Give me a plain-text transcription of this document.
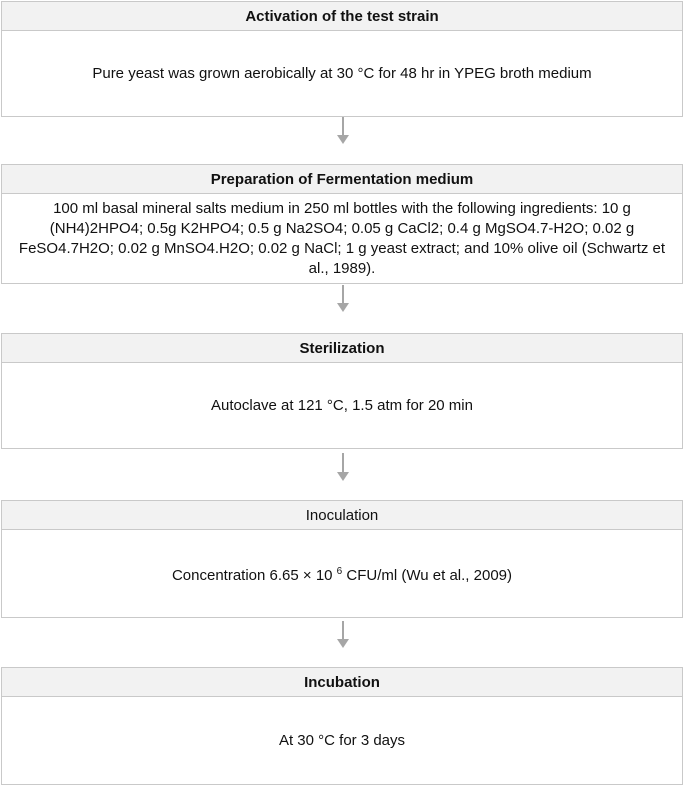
Activation of the test strain
Pure yeast was grown aerobically at 30 °C for 48 hr in YPEG broth medium
Preparation of Fermentation medium
100 ml basal mineral salts medium in 250 ml bottles with the following ingredients: 10 g (NH4)2HPO4; 0.5g K2HPO4; 0.5 g Na2SO4; 0.05 g CaCl2; 0.4 g MgSO4.7-H2O; 0.02 g FeSO4.7H2O; 0.02 g MnSO4.H2O; 0.02 g NaCl; 1 g yeast extract; and 10% olive oil (Schwartz et al., 1989).
Sterilization
Autoclave at 121 °C, 1.5 atm for 20 min
Inoculation
Concentration 6.65 × 10 $^6$ CFU/ml (Wu et al., 2009)
Incubation
At 30 °C for 3 days
